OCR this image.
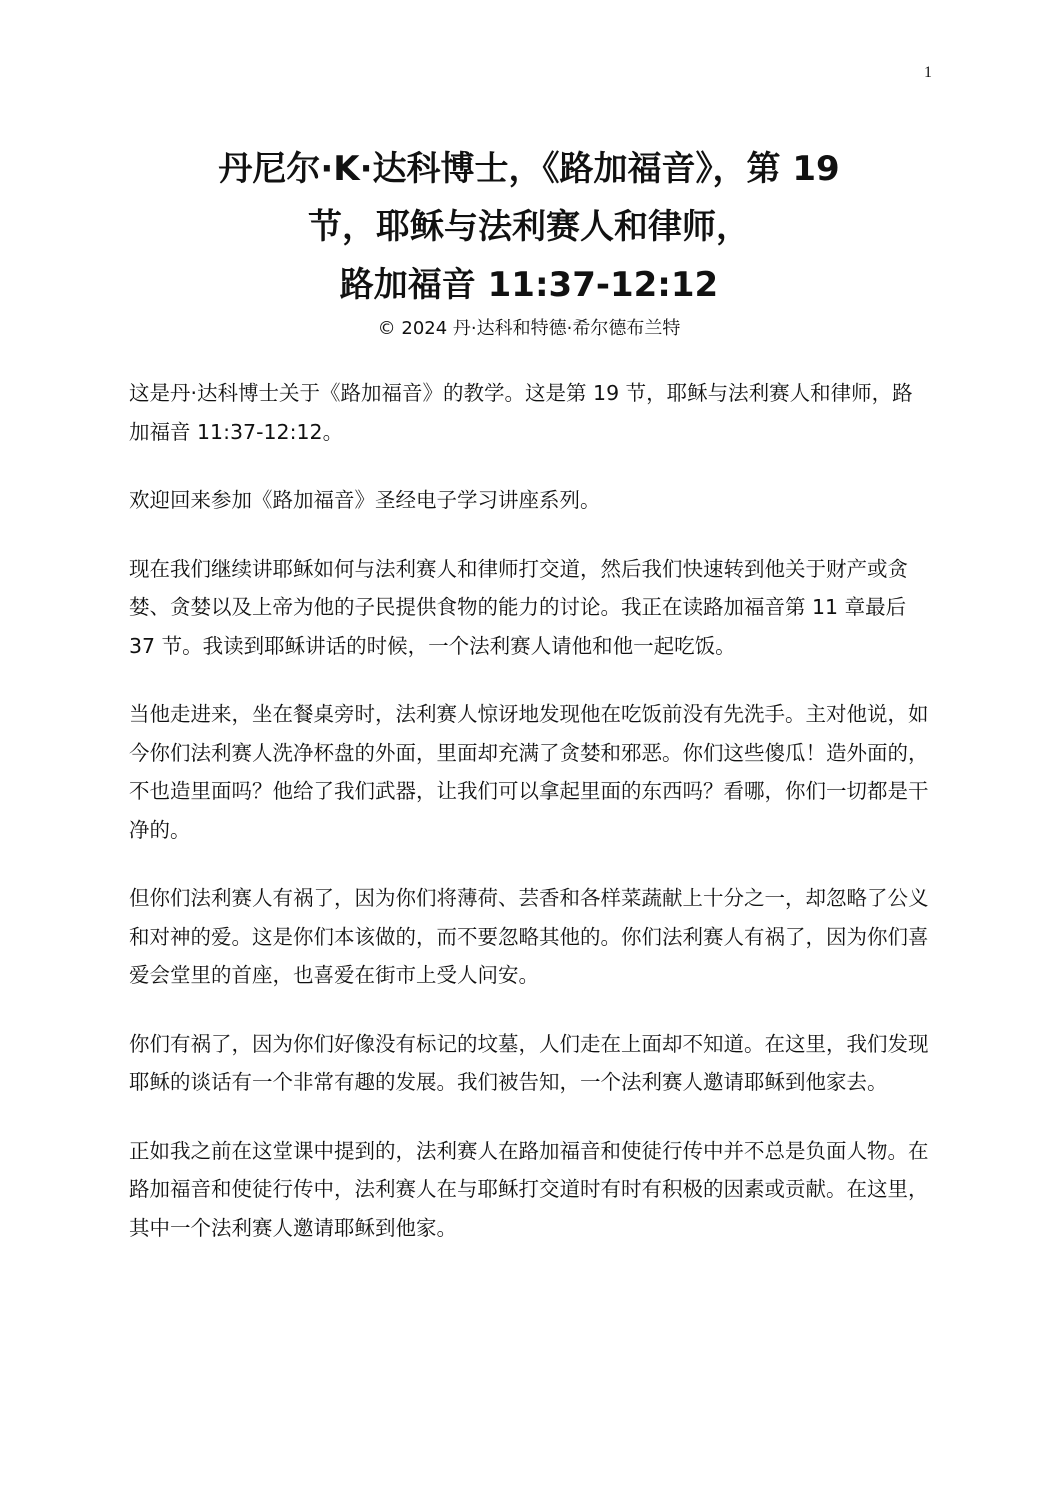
1
丹尼尔·K·达科博士，《路加福音》，第 19
节，耶稣与法利赛人和律师，
路加福音 11:37-12:12
© 2024 丹·达科和特德·希尔德布兰特

这是丹·达科博士关于《路加福音》的教学。这是第 19 节，耶稣与法利赛人和律师，路加福音 11:37-12:12。

欢迎回来参加《路加福音》圣经电子学习讲座系列。

现在我们继续讲耶稣如何与法利赛人和律师打交道，然后我们快速转到他关于财产或贪婪、贪婪以及上帝为他的子民提供食物的能力的讨论。我正在读路加福音第 11 章最后 37 节。我读到耶稣讲话的时候，一个法利赛人请他和他一起吃饭。

当他走进来，坐在餐桌旁时，法利赛人惊讶地发现他在吃饭前没有先洗手。主对他说，如今你们法利赛人洗净杯盘的外面，里面却充满了贪婪和邪恶。你们这些傻瓜！造外面的，不也造里面吗？他给了我们武器，让我们可以拿起里面的东西吗？看哪，你们一切都是干净的。

但你们法利赛人有祸了，因为你们将薄荷、芸香和各样菜蔬献上十分之一，却忽略了公义和对神的爱。这是你们本该做的，而不要忽略其他的。你们法利赛人有祸了，因为你们喜爱会堂里的首座，也喜爱在街市上受人问安。

你们有祸了，因为你们好像没有标记的坟墓，人们走在上面却不知道。在这里，我们发现耶稣的谈话有一个非常有趣的发展。我们被告知，一个法利赛人邀请耶稣到他家去。

正如我之前在这堂课中提到的，法利赛人在路加福音和使徒行传中并不总是负面人物。在路加福音和使徒行传中，法利赛人在与耶稣打交道时有时有积极的因素或贡献。在这里，其中一个法利赛人邀请耶稣到他家。
